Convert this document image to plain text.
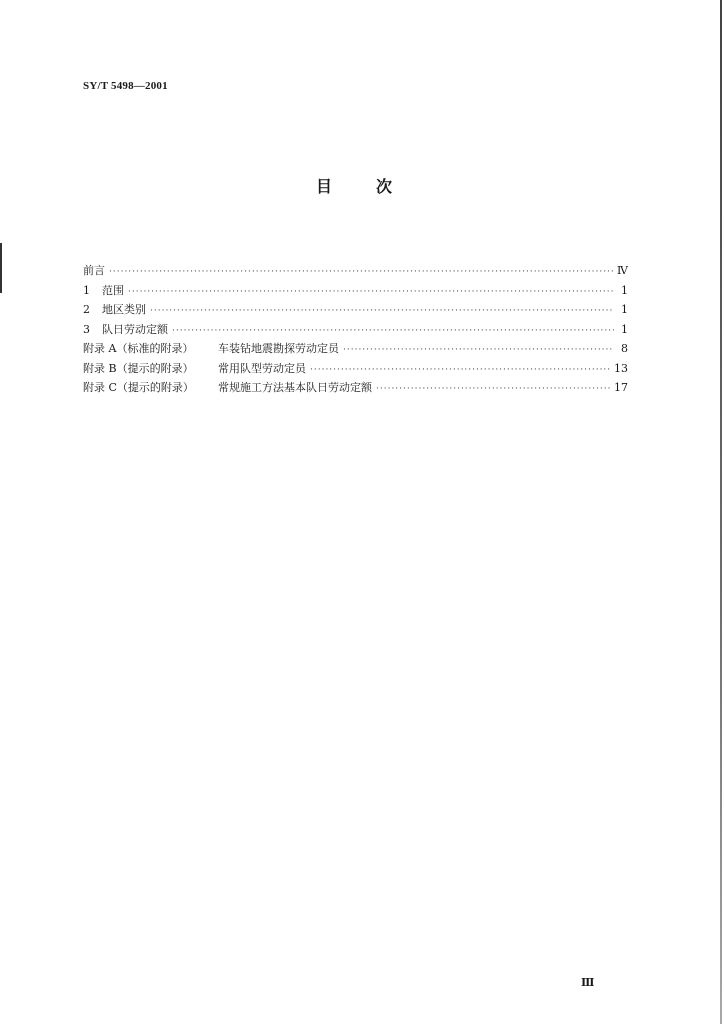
SY/T 5498—2001
目次
前言 ·····	Ⅳ
1	范围 ·····	1
2	地区类别 ·····	1
3	队日劳动定额 ·····	1
附录 A（标准的附录）	车装钻地震勘探劳动定员 ·····	8
附录 B（提示的附录）	常用队型劳动定员 ·····	13
附录 C（提示的附录）	常规施工方法基本队日劳动定额 ·····	17
Ⅲ
